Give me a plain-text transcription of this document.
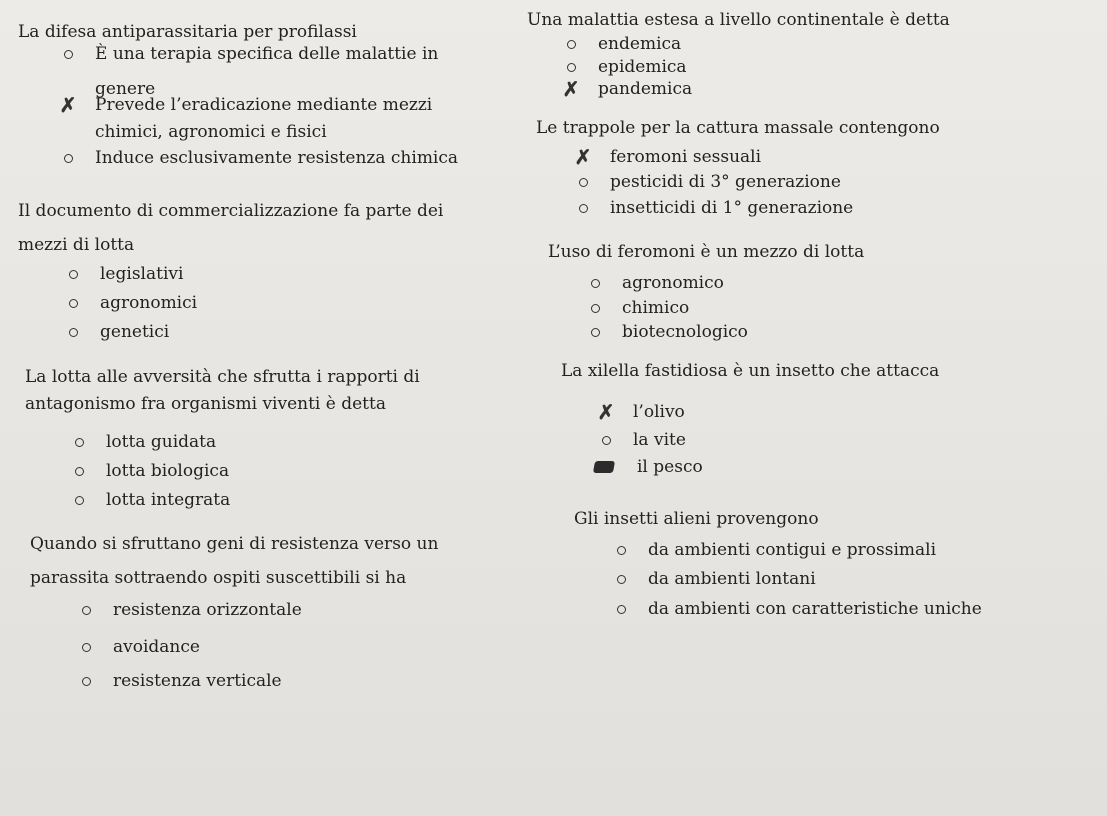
La difesa antiparassitaria per profilassi
È una terapia specifica delle malattie in
genere
✗ Prevede l’eradicazione mediante mezzi
chimici, agronomici e fisici
Induce esclusivamente resistenza chimica
Il documento di commercializzazione fa parte dei
mezzi di lotta
legislativi
agronomici
genetici
La lotta alle avversità che sfrutta i rapporti di
antagonismo fra organismi viventi è detta
lotta guidata
lotta biologica
lotta integrata
Quando si sfruttano geni di resistenza verso un
parassita sottraendo ospiti suscettibili si ha
resistenza orizzontale
avoidance
resistenza verticale
Una malattia estesa a livello continentale è detta
endemica
epidemica
✗ pandemica
Le trappole per la cattura massale contengono
✗ feromoni sessuali
pesticidi di 3° generazione
insetticidi di 1° generazione
L’uso di feromoni è un mezzo di lotta
agronomico
chimico
biotecnologico
La xilella fastidiosa è un insetto che attacca
✗ l’olivo
la vite
il pesco
Gli insetti alieni provengono
da ambienti contigui e prossimali
da ambienti lontani
da ambienti con caratteristiche uniche
